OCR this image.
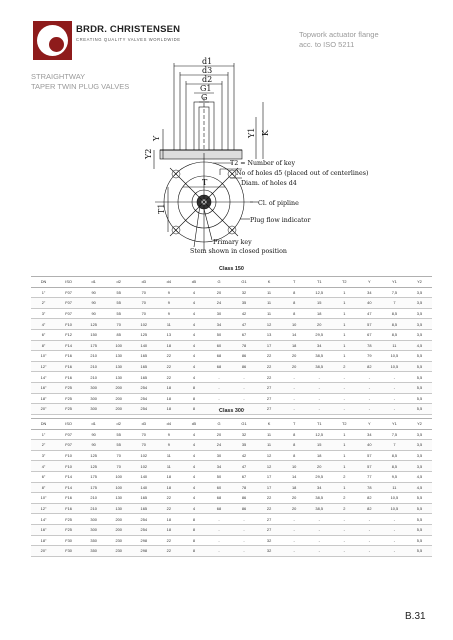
BRDR. CHRISTENSEN
CREATING QUALITY VALVES WORLDWIDE
Topwork actuator flange
acc. to ISO 5211
STRAIGHTWAY
TAPER TWIN PLUG VALVES
d1
d3
d2
G1
G
Y
Y1 K
Y2
T
T1
T2 = Number of key
No of holes d5 (placed out of centerlines)
Diam. of holes d4
Cl. of pipline
Plug flow indicator
Primary key
Stem shown in closed position
Class 150
DN	ISO	d1	d2	d3	d4	d5	G	G1	K	T	T1	T2	Y	Y1	Y2
1"	F07	90	55	70	9	4	20	32	11	8	12,5	1	34	7,5	3,5
2"	F07	90	55	70	9	4	24	35	11	8	15	1	40	7	3,5
3"	F07	90	55	70	9	4	30	42	11	8	18	1	47	8,5	3,5
4"	F10	125	70	102	11	4	34	47	12	10	20	1	57	8,5	3,5
6"	F12	150	85	125	13	4	50	67	13	14	29,5	1	67	8,5	3,5
8"	F14	175	100	140	18	4	60	78	17	18	34	1	78	11	4,5
10"	F16	210	130	165	22	4	68	86	22	20	38,5	1	79	10,5	5,5
12"	F16	210	130	165	22	4	68	86	22	20	38,5	2	82	10,5	5,5
14"	F16	210	130	165	22	4	-	-	22	-	-	-	-	-	5,5
16"	F25	300	200	254	18	8	-	-	27	-	-	-	-	-	5,5
18"	F25	300	200	254	18	8	-	-	27	-	-	-	-	-	5,5
20"	F25	300	200	254	18	8	-	-	27	-	-	-	-	-	5,5
Class 300
DN	ISO	d1	d2	d3	d4	d5	G	G1	K	T	T1	T2	Y	Y1	Y2
1"	F07	90	55	70	9	4	20	32	11	8	12,5	1	34	7,5	3,5
2"	F07	90	55	70	9	4	24	35	11	8	15	1	40	7	3,5
3"	F10	125	70	102	11	4	30	42	12	8	18	1	57	8,5	3,5
4"	F10	125	70	102	11	4	34	47	12	10	20	1	57	8,5	3,5
6"	F14	175	100	140	18	4	50	67	17	14	29,5	2	77	9,5	4,5
8"	F14	175	100	140	18	4	60	78	17	18	34	1	78	11	4,5
10"	F16	210	130	165	22	4	68	86	22	20	38,5	2	82	10,5	5,5
12"	F16	210	130	165	22	4	68	86	22	20	38,5	2	82	10,5	5,5
14"	F25	300	200	254	18	8	-	-	27	-	-	-	-	-	5,5
16"	F25	300	200	254	18	8	-	-	27	-	-	-	-	-	5,5
18"	F30	350	230	298	22	8	-	-	32	-	-	-	-	-	5,5
20"	F30	350	230	298	22	8	-	-	32	-	-	-	-	-	5,5
B.31
